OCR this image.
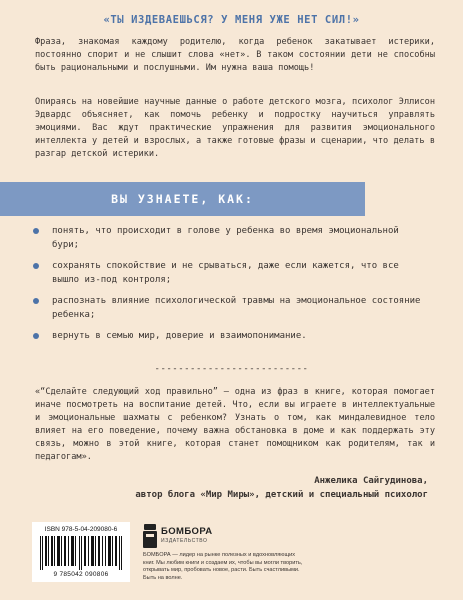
«ТЫ ИЗДЕВАЕШЬСЯ? У МЕНЯ УЖЕ НЕТ СИЛ!»
Фраза, знакомая каждому родителю, когда ребенок закатывает истерики, постоянно спорит и не слышит слова «нет». В таком состоянии дети не способны быть рациональными и послушными. Им нужна ваша помощь!
Опираясь на новейшие научные данные о работе детского мозга, психолог Эллисон Эдвардс объясняет, как помочь ребенку и подростку научиться управлять эмоциями. Вас ждут практические упражнения для развития эмоционального интеллекта у детей и взрослых, а также готовые фразы и сценарии, что делать в разгар детской истерики.
ВЫ УЗНАЕТЕ, КАК:
понять, что происходит в голове у ребенка во время эмоциональной бури;
сохранять спокойствие и не срываться, даже если кажется, что все вышло из-под контроля;
распознать влияние психологической травмы на эмоциональное состояние ребенка;
вернуть в семью мир, доверие и взаимопонимание.
--------------------------
«“Сделайте следующий ход правильно” — одна из фраз в книге, которая помогает иначе посмотреть на воспитание детей. Что, если вы играете в интеллектуальные и эмоциональные шахматы с ребенком? Узнать о том, как миндалевидное тело влияет на его поведение, почему важна обстановка в доме и как поддержать эту связь, можно в этой книге, которая станет помощником как родителям, так и педагогам».
Анжелика Сайгудинова,
автор блога «Мир Миры», детский и специальный психолог
ISBN 978-5-04-209080-6
9 785042 090806
БОМБОРА
ИЗДАТЕЛЬСТВО
БОМБОРА — лидер на рынке полезных и вдохновляющих книг. Мы любим книги и создаем их, чтобы вы могли творить, открывать мир, пробовать новое, расти. Быть счастливыми. Быть на волне.
